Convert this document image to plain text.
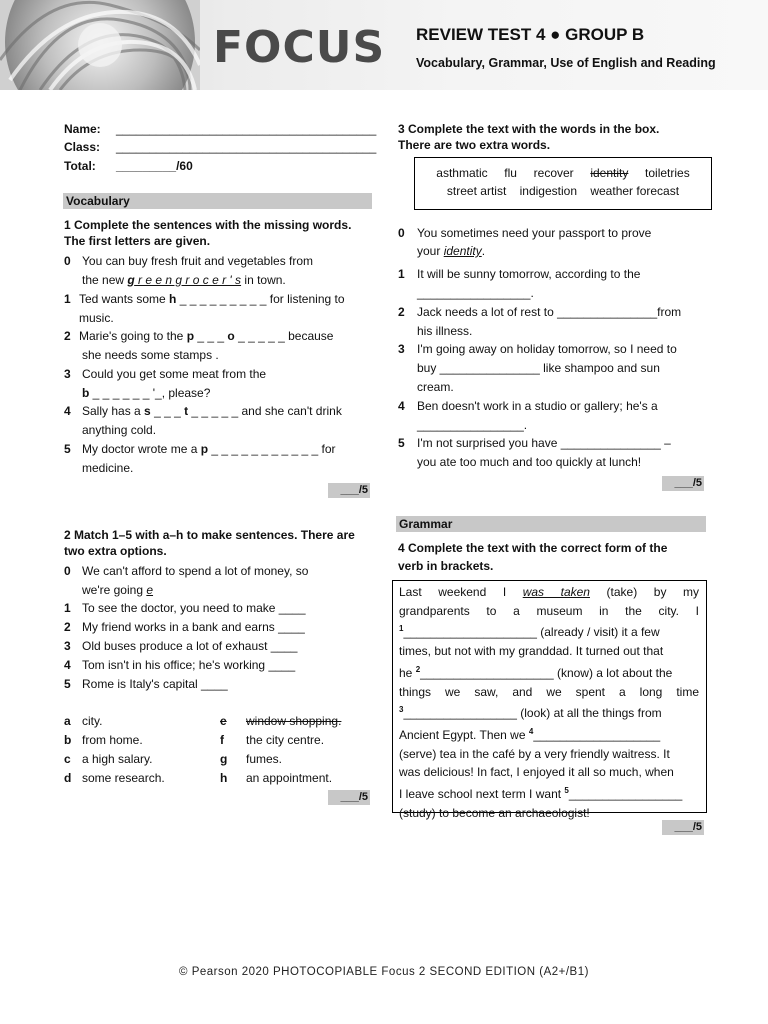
FOCUS REVIEW TEST 4 ● GROUP B
Vocabulary, Grammar, Use of English and Reading
Name: _______________________________________
Class: _______________________________________
Total: _________/60
Vocabulary
1 Complete the sentences with the missing words.
The first letters are given.
0 You can buy fresh fruit and vegetables from
the new g r e e n g r o c e r ' s in town.
1 Ted wants some h _ _ _ _ _ _ _ _ _ for listening to
music.
2 Marie's going to the p _ _ _ o _ _ _ _ _ because
she needs some stamps .
3 Could you get some meat from the
b _ _ _ _ _ _ '_, please?
4 Sally has a s _ _ _ t _ _ _ _ _ and she can't drink
anything cold.
5 My doctor wrote me a p _ _ _ _ _ _ _ _ _ _ _ for
medicine.
___/5
2 Match 1–5 with a–h to make sentences. There are
two extra options.
0 We can't afford to spend a lot of money, so
we're going e
1 To see the doctor, you need to make ____
2 My friend works in a bank and earns ____
3 Old buses produce a lot of exhaust ____
4 Tom isn't in his office; he's working ____
5 Rome is Italy's capital ____
a city.
b from home.
c a high salary.
d some research.
e	window shopping.
f the city centre.
g fumes.
h an appointment.
___/5
3 Complete the text with the words in the box.
There are two extra words.
asthmatic flu recover identity toiletries
street artist indigestion weather forecast
0 You sometimes need your passport to prove
your identity.
1 It will be sunny tomorrow, according to the
_________________.
2 Jack needs a lot of rest to _______________from
his illness.
3 I'm going away on holiday tomorrow, so I need to
buy _______________ like shampoo and sun
cream.
4 Ben doesn't work in a studio or gallery; he's a
________________.
5 I'm not surprised you have _______________ –
you ate too much and too quickly at lunch!
___/5
Grammar
4 Complete the text with the correct form of the
verb in brackets.
Last weekend I was taken (take) by my
grandparents to a museum in the city. I
$^1$____________________ (already / visit) it a few
times, but not with my granddad. It turned out that
he $^2$____________________ (know) a lot about the
things we saw, and we spent a long time
$^3$_________________ (look) at all the things from
Ancient Egypt. Then we $^4$___________________
(serve) tea in the café by a very friendly waitress. It
was delicious! In fact, I enjoyed it all so much, when
I leave school next term I want $^5$_________________
(study) to become an archaeologist!
___/5
© Pearson 2020 PHOTOCOPIABLE Focus 2 SECOND EDITION (A2+/B1)
